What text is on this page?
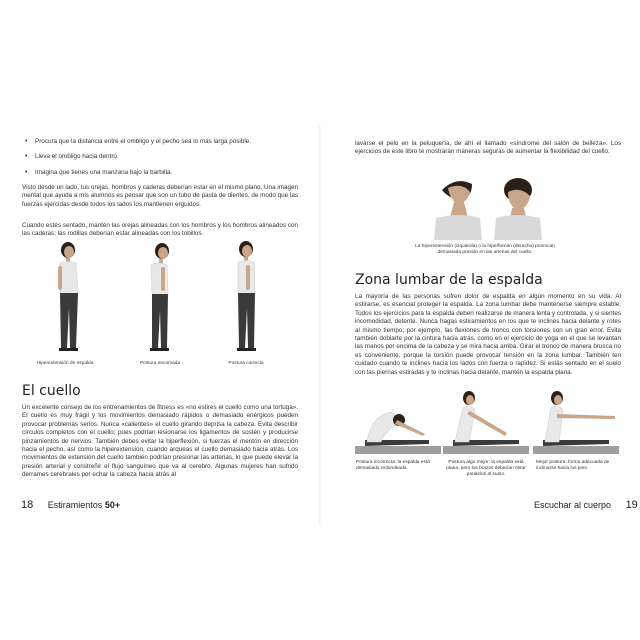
• Procura que la distancia entre el ombligo y el pecho sea lo más larga posible.
• Lleva el ombligo hacia dentro.
• Imagina que tienes una manzana bajo la barbilla.
Visto desde un lado, tus orejas, hombros y caderas deberían estar en el mismo plano. Una imagen mental que ayuda a mis alumnos es pensar que son un tubo de pasta de dientes, de modo que las fuerzas ejercidas desde todos los lados los mantienen erguidos.
Cuando estés sentado, mantén las orejas alineadas con los hombros y los hombros alineados con las caderas; las rodillas deberían estar alineadas con los tobillos.
Hiperextensión de espalda	Postura encorvada	Postura correcta
El cuello
Un excelente consejo de los entrenamientos de fitness es «no estires el cuello como una tortuga». El cuello es muy frágil y los movimientos demasiado rápidos o demasiado enérgicos pueden provocar problemas serios. Nunca «calientes» el cuello girando deprisa la cabeza. Evita describir círculos completos con el cuello; pues podrían lesionarse los ligamentos de sostén y producirse pinzamientos de nervios. También debes evitar la hiperflexión, si fuerzas el mentón en dirección hacia el pecho, así como la hiperextensión, cuando arqueas el cuello demasiado hacia atrás. Los movimientos de extensión del cuello también podrían presionar las arterias, lo que puede elevar la presión arterial y constreñir el flujo sanguíneo que va al cerebro. Algunas mujeres han sufrido derrames cerebrales por echar la cabeza hacia atrás al
18 Estiramientos 50+
lavarse el pelo en la peluquería, de ahí el llamado «síndrome del salón de belleza». Los ejercicios de este libro te mostrarán maneras seguras de aumentar la flexibilidad del cuello.
La hiperextensión (izquierda) o la hiperflexión (derecha) provocan demasiada presión en las arterias del cuello.
Zona lumbar de la espalda
La mayoría de las personas sufren dolor de espalda en algún momento en su vida. Al estirarse, es esencial proteger la espalda. La zona lumbar debe mantenerse siempre estable. Todos los ejercicios para la espalda deben realizarse de manera lenta y controlada, y si sientes incomodidad, detente. Nunca hagas estiramientos en los que te inclines hacia delante y rotes al mismo tiempo; por ejemplo, las flexiones de tronco con torsiones son un gran error. Evita también doblarte por la cintura hacia atrás, como en el ejercicio de yoga en el que se levantan las manos por encima de la cabeza y se mira hacia arriba. Girar el tronco de manera brusca no es conveniente, porque la torsión puede provocar tensión en la zona lumbar. También ten cuidado cuando te inclines hacia los lados con fuerza o rapidez. Si estás sentado en el suelo con las piernas estiradas y te inclinas hacia delante, mantén la espalda plana.
Postura incorrecta: la espalda está demasiado redondeada.
Postura algo mejor: la espalda está plana, pero los brazos deberían estar paralelos al suelo.
Mejor postura: forma adecuada de inclinarse hacia los pies.
Escuchar al cuerpo 19
